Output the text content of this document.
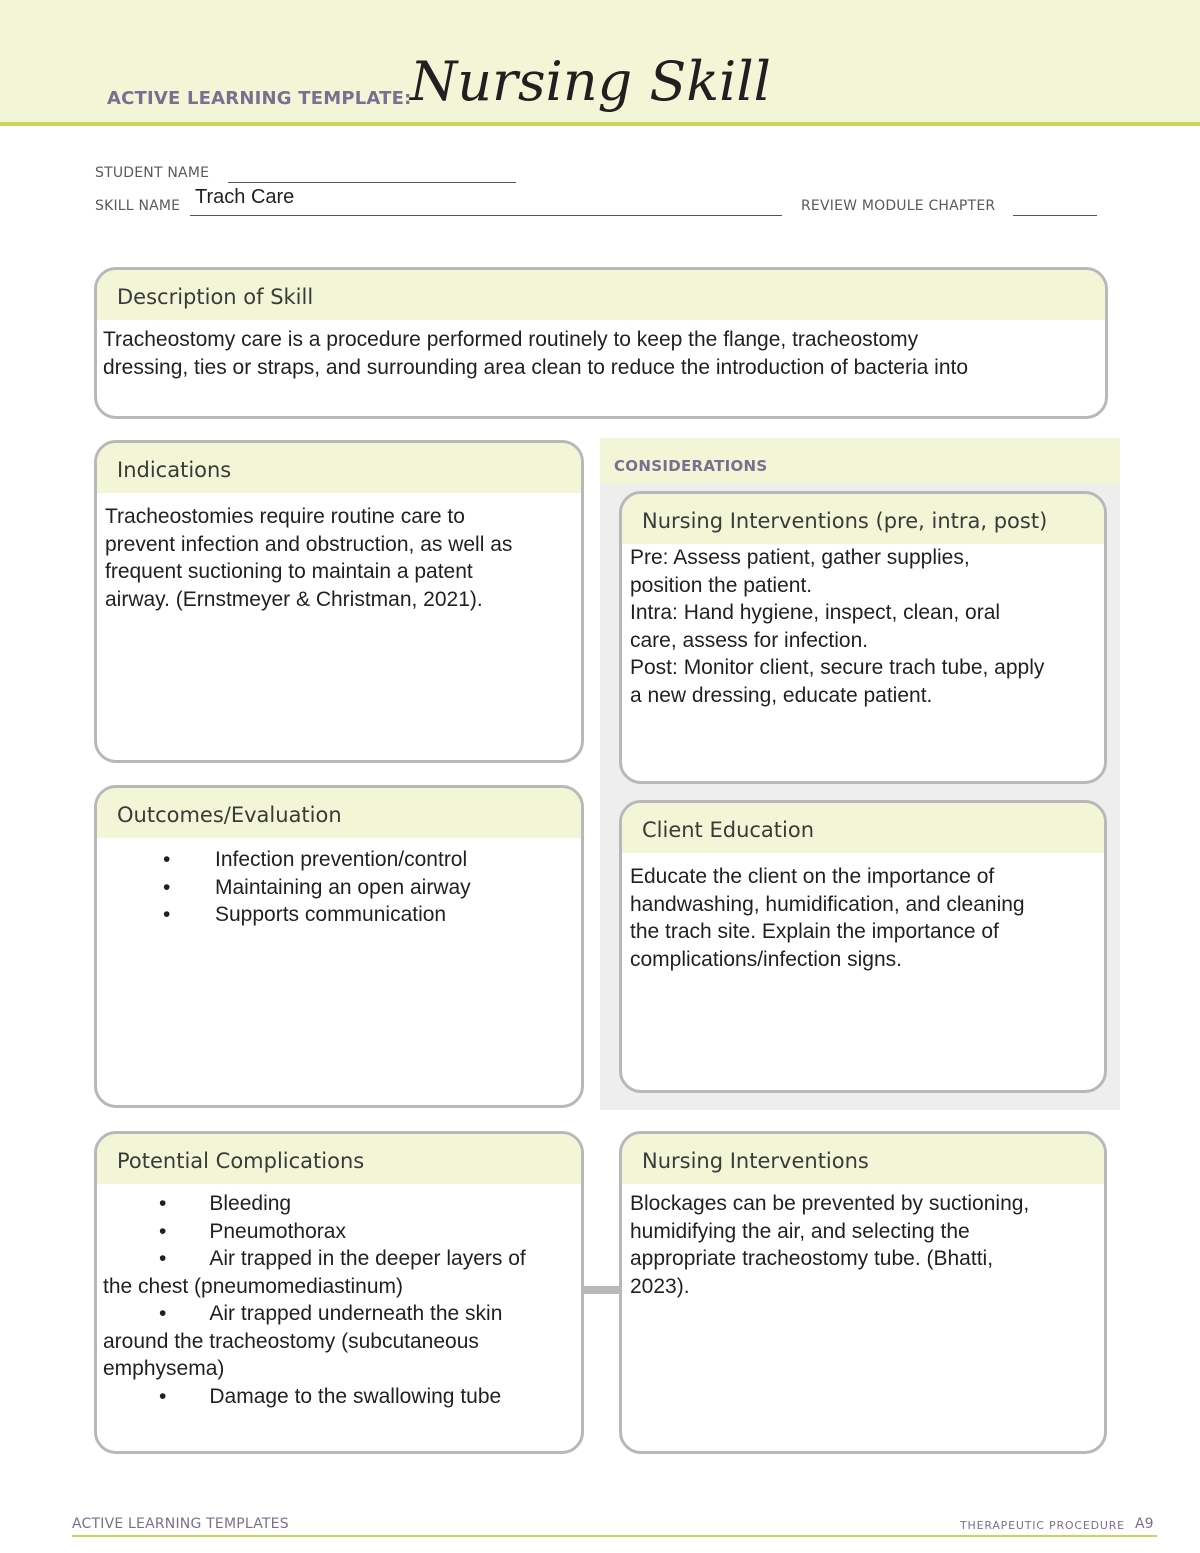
ACTIVE LEARNING TEMPLATE:
Nursing Skill
STUDENT NAME
SKILL NAME Trach Care	REVIEW MODULE CHAPTER
Description of Skill

Tracheostomy care is a procedure performed routinely to keep the flange, tracheostomy

dressing, ties or straps, and surrounding area clean to reduce the introduction of bacteria into

Indications

Tracheostomies require routine care to

prevent infection and obstruction, as well as

frequent suctioning to maintain a patent

airway. (Ernstmeyer & Christman, 2021).

CONSIDERATIONS
Nursing Interventions (pre, intra, post)

Pre: Assess patient, gather supplies,

position the patient.

Intra: Hand hygiene, inspect, clean, oral

care, assess for infection.

Post: Monitor client, secure trach tube, apply

a new dressing, educate patient.

Outcomes/Evaluation
• Infection prevention/control
• Maintaining an open airway
• Supports communication
Client Education

Educate the client on the importance of

handwashing, humidification, and cleaning

the trach site. Explain the importance of

complications/infection signs.

Potential Complications
• Bleeding
• Pneumothorax
• Air trapped in the deeper layers of
the chest (pneumomediastinum)
• Air trapped underneath the skin
around the tracheostomy (subcutaneous
emphysema)
• Damage to the swallowing tube
Nursing Interventions

Blockages can be prevented by suctioning,

humidifying the air, and selecting the

appropriate tracheostomy tube. (Bhatti,

2023).

ACTIVE LEARNING TEMPLATES	THERAPEUTIC PROCEDURE A9
